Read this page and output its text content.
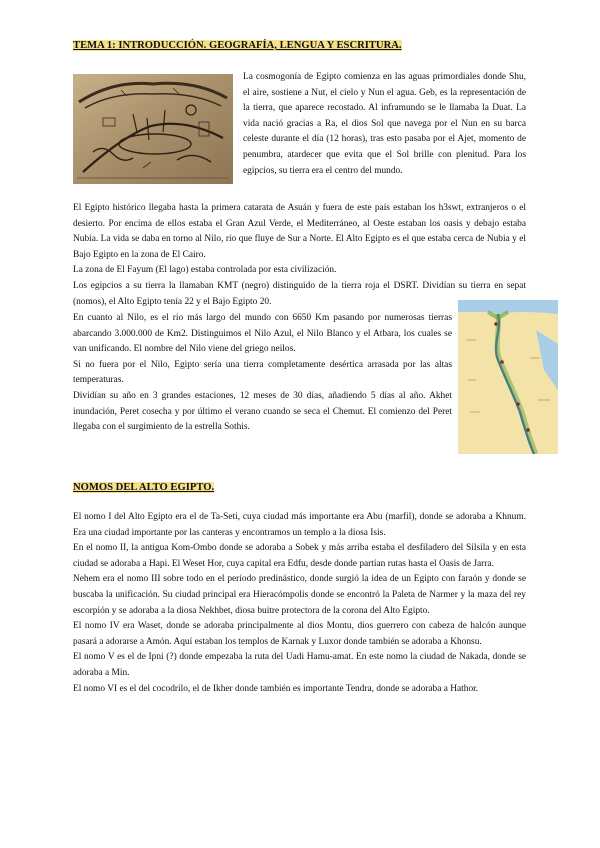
TEMA 1: INTRODUCCIÓN. GEOGRAFÍA, LENGUA Y ESCRITURA.

La cosmogonía de Egipto comienza en las aguas primordiales donde Shu, el aire, sostiene a Nut, el cielo y Nun el agua. Geb, es la representación de la tierra, que aparece recostado. Al inframundo se le llamaba la Duat. La vida nació gracias a Ra, el dios Sol que navega por el Nun en su barca celeste durante el día (12 horas), tras esto pasaba por el Ajet, momento de penumbra, atardecer que evita que el Sol brille con plenitud. Para los egipcios, su tierra era el centro del mundo.

El Egipto histórico llegaba hasta la primera catarata de Asuán y fuera de este país estaban los h3swt, extranjeros o el desierto. Por encima de ellos estaba el Gran Azul Verde, el Mediterráneo, al Oeste estaban los oasis y debajo estaba Nubia. La vida se daba en torno al Nilo, río que fluye de Sur a Norte. El Alto Egipto es el que estaba cerca de Nubia y el Bajo Egipto en la zona de El Cairo.

La zona de El Fayum (El lago) estaba controlada por esta civilización.

Los egipcios a su tierra la llamaban KMT (negro) distinguido de la tierra roja el DSRT. Dividían su tierra en sepat (nomos), el Alto Egipto tenía 22 y el Bajo Egipto 20.

En cuanto al Nilo, es el río más largo del mundo con 6650 Km pasando por numerosas tierras abarcando 3.000.000 de Km2. Distinguimos el Nilo Azul, el Nilo Blanco y el Atbara, los cuales se van unificando. El nombre del Nilo viene del griego neilos.

Si no fuera por el Nilo, Egipto sería una tierra completamente desértica arrasada por las altas temperaturas.

Dividían su año en 3 grandes estaciones, 12 meses de 30 días, añadiendo 5 días al año. Akhet inundación, Peret cosecha y por último el verano cuando se seca el Chemut. El comienzo del Peret llegaba con el surgimiento de la estrella Sothis.

NOMOS DEL ALTO EGIPTO.

El nomo I del Alto Egipto era el de Ta-Seti, cuya ciudad más importante era Abu (marfil), donde se adoraba a Khnum. Era una ciudad importante por las canteras y encontramos un templo a la diosa Isis.

En el nomo II, la antigua Kom-Ombo donde se adoraba a Sobek y más arriba estaba el desfiladero del Silsila y en esta ciudad se adoraba a Hapi. El Weset Hor, cuya capital era Edfu, desde donde partían rutas hasta el Oasis de Jarra.

Nehem era el nomo III sobre todo en el período predinástico, donde surgió la idea de un Egipto con faraón y donde se buscaba la unificación. Su ciudad principal era Hieracómpolis donde se encontró la Paleta de Narmer y la maza del rey escorpión y se adoraba a la diosa Nekhbet, diosa buitre protectora de la corona del Alto Egipto.

El nomo IV era Waset, donde se adoraba principalmente al dios Montu, dios guerrero con cabeza de halcón aunque pasará a adorarse a Amón. Aquí estaban los templos de Karnak y Luxor donde también se adoraba a Khonsu.

El nomo V es el de Ipni (?) donde empezaba la ruta del Uadi Hamu-amat. En este nomo la ciudad de Nakada, donde se adoraba a Min.

El nomo VI es el del cocodrilo, el de Ikher donde también es importante Tendra, donde se adoraba a Hathor.
